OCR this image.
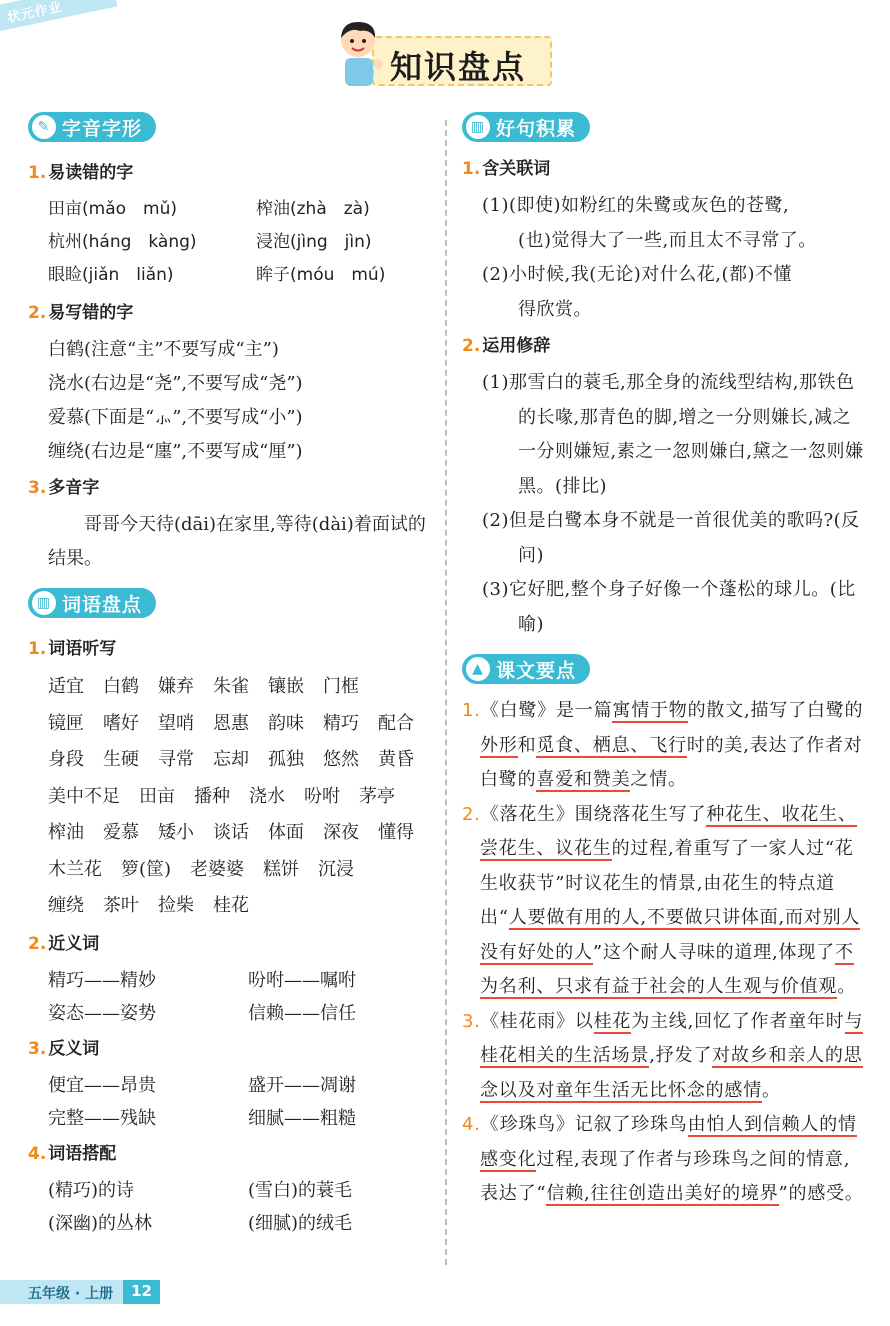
状元作业
知识盘点
✎ 字音字形
1. 易读错的字
田亩(mǎo　mǔ)	榨油(zhà　zà)
杭州(háng　kàng)	浸泡(jìng　jìn)
眼睑(jiǎn　liǎn)	眸子(móu　mú)
2. 易写错的字
白鹤(注意“主”不要写成“主”)
浇水(右边是“尧”,不要写成“尧”)
爱慕(下面是“⺗”,不要写成“小”)
缠绕(右边是“廛”,不要写成“厘”)
3. 多音字
哥哥今天待(dāi)在家里,等待(dài)着面试的结果。
▥ 词语盘点
1. 词语听写
适宜 白鹤 嫌弃 朱雀 镶嵌 门框
镜匣 嗜好 望哨 恩惠 韵味 精巧 配合
身段 生硬 寻常 忘却 孤独 悠然 黄昏
美中不足 田亩 播种 浇水 吩咐 茅亭
榨油 爱慕 矮小 谈话 体面 深夜 懂得
木兰花 箩(筐) 老婆婆 糕饼 沉浸
缠绕 茶叶 捡柴 桂花
2. 近义词
精巧——精妙	吩咐——嘱咐
姿态——姿势	信赖——信任
3. 反义词
便宜——昂贵	盛开——凋谢
完整——残缺	细腻——粗糙
4. 词语搭配
(精巧)的诗	(雪白)的蓑毛
(深幽)的丛林	(细腻)的绒毛
▥ 好句积累
1. 含关联词
(1)(即使)如粉红的朱鹭或灰色的苍鹭,
(也)觉得大了一些,而且太不寻常了。
(2)小时候,我(无论)对什么花,(都)不懂
得欣赏。
2. 运用修辞
(1)那雪白的蓑毛,那全身的流线型结构,那铁色的长喙,那青色的脚,增之一分则嫌长,减之一分则嫌短,素之一忽则嫌白,黛之一忽则嫌黑。(排比)
(2)但是白鹭本身不就是一首很优美的歌吗?(反问)
(3)它好肥,整个身子好像一个蓬松的球儿。(比喻)
▲ 课文要点
1.《白鹭》是一篇寓情于物的散文,描写了白鹭的外形和觅食、栖息、飞行时的美,表达了作者对白鹭的喜爱和赞美之情。
2.《落花生》围绕落花生写了种花生、收花生、尝花生、议花生的过程,着重写了一家人过“花生收获节”时议花生的情景,由花生的特点道出“人要做有用的人,不要做只讲体面,而对别人没有好处的人”这个耐人寻味的道理,体现了不为名利、只求有益于社会的人生观与价值观。
3.《桂花雨》以桂花为主线,回忆了作者童年时与桂花相关的生活场景,抒发了对故乡和亲人的思念以及对童年生活无比怀念的感情。
4.《珍珠鸟》记叙了珍珠鸟由怕人到信赖人的情感变化过程,表现了作者与珍珠鸟之间的情意,表达了“信赖,往往创造出美好的境界”的感受。
五年级 · 上册	12
